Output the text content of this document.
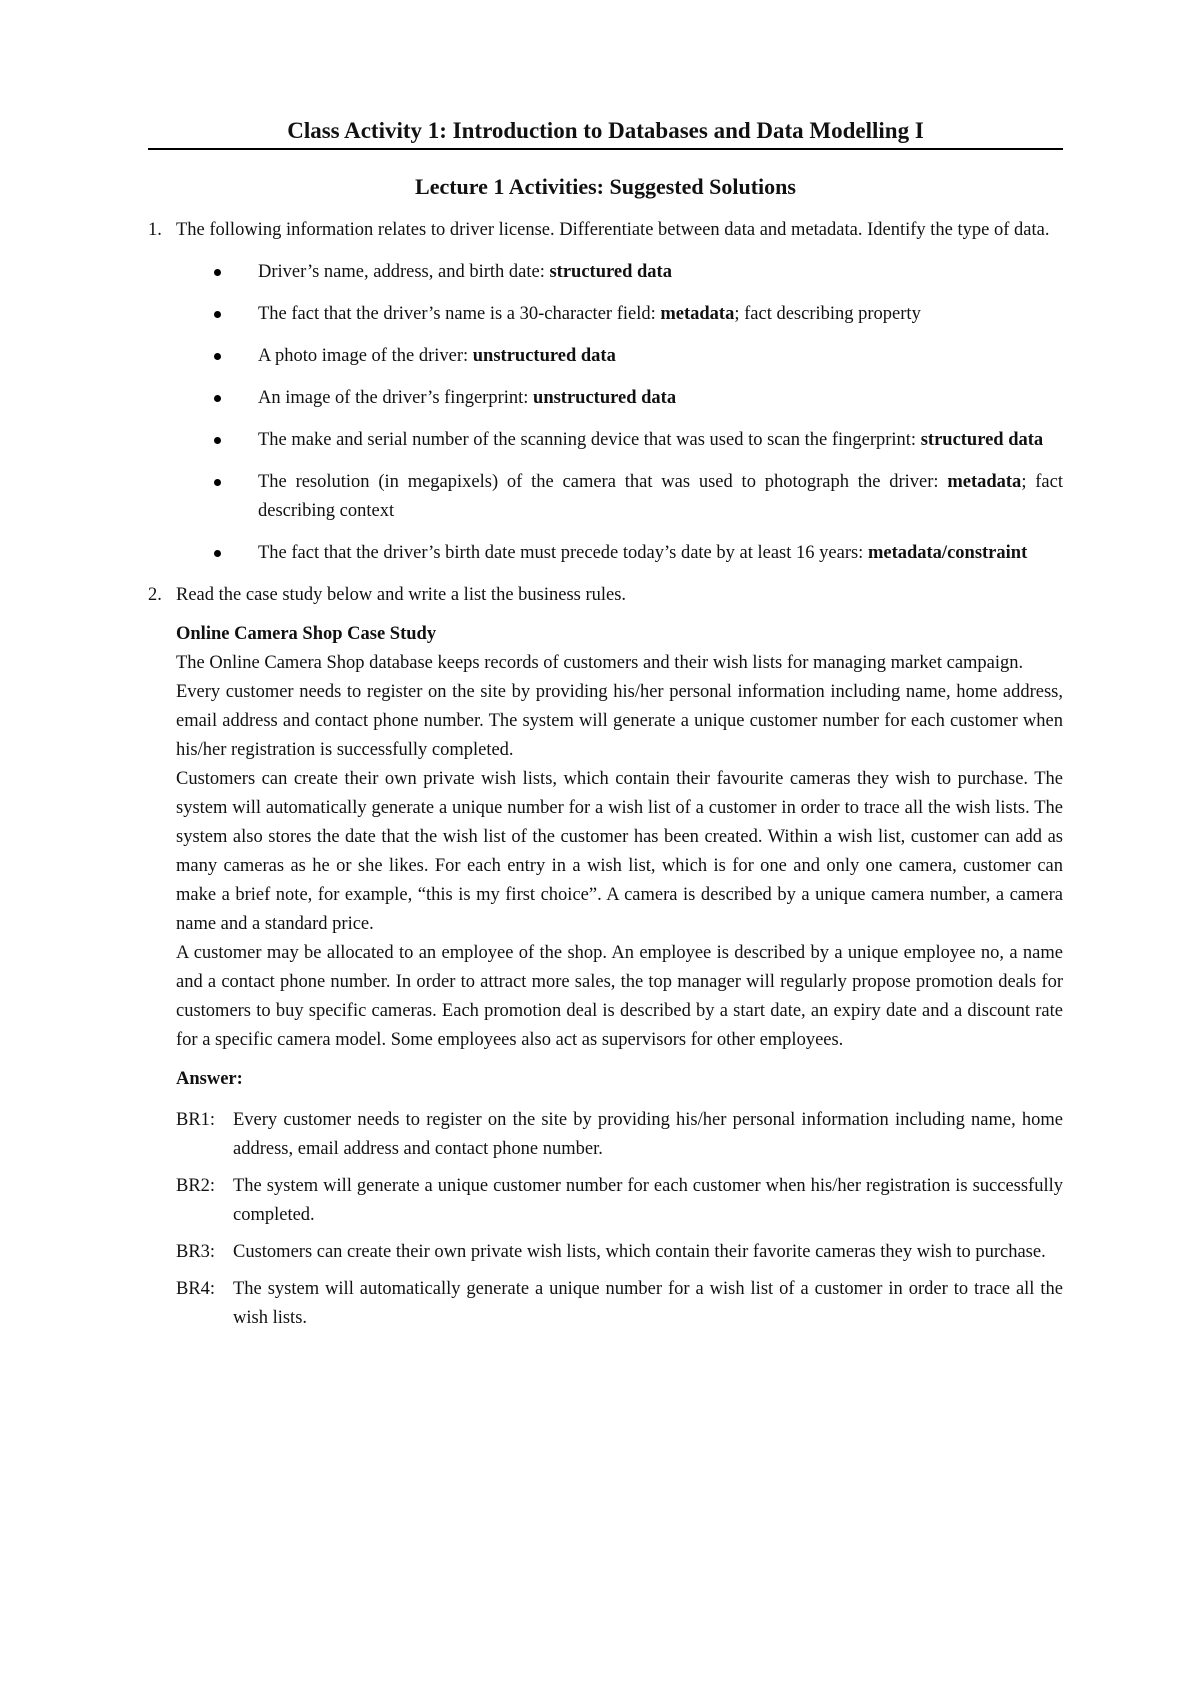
Class Activity 1: Introduction to Databases and Data Modelling I
Lecture 1 Activities: Suggested Solutions
1. The following information relates to driver license. Differentiate between data and metadata. Identify the type of data.

Driver’s name, address, and birth date: structured data
The fact that the driver’s name is a 30-character field: metadata; fact describing property
A photo image of the driver: unstructured data
An image of the driver’s fingerprint: unstructured data
The make and serial number of the scanning device that was used to scan the fingerprint: structured data
The resolution (in megapixels) of the camera that was used to photograph the driver: metadata; fact describing context
The fact that the driver’s birth date must precede today’s date by at least 16 years: metadata/constraint
2. Read the case study below and write a list the business rules.

Online Camera Shop Case Study

The Online Camera Shop database keeps records of customers and their wish lists for managing market campaign.

Every customer needs to register on the site by providing his/her personal information including name, home address, email address and contact phone number. The system will generate a unique customer number for each customer when his/her registration is successfully completed.

Customers can create their own private wish lists, which contain their favourite cameras they wish to purchase. The system will automatically generate a unique number for a wish list of a customer in order to trace all the wish lists. The system also stores the date that the wish list of the customer has been created. Within a wish list, customer can add as many cameras as he or she likes. For each entry in a wish list, which is for one and only one camera, customer can make a brief note, for example, “this is my first choice”. A camera is described by a unique camera number, a camera name and a standard price.

A customer may be allocated to an employee of the shop. An employee is described by a unique employee no, a name and a contact phone number. In order to attract more sales, the top manager will regularly propose promotion deals for customers to buy specific cameras. Each promotion deal is described by a start date, an expiry date and a discount rate for a specific camera model. Some employees also act as supervisors for other employees.

Answer:
BR1: Every customer needs to register on the site by providing his/her personal information including name, home address, email address and contact phone number.
BR2: The system will generate a unique customer number for each customer when his/her registration is successfully completed.
BR3: Customers can create their own private wish lists, which contain their favorite cameras they wish to purchase.
BR4: The system will automatically generate a unique number for a wish list of a customer in order to trace all the wish lists.
